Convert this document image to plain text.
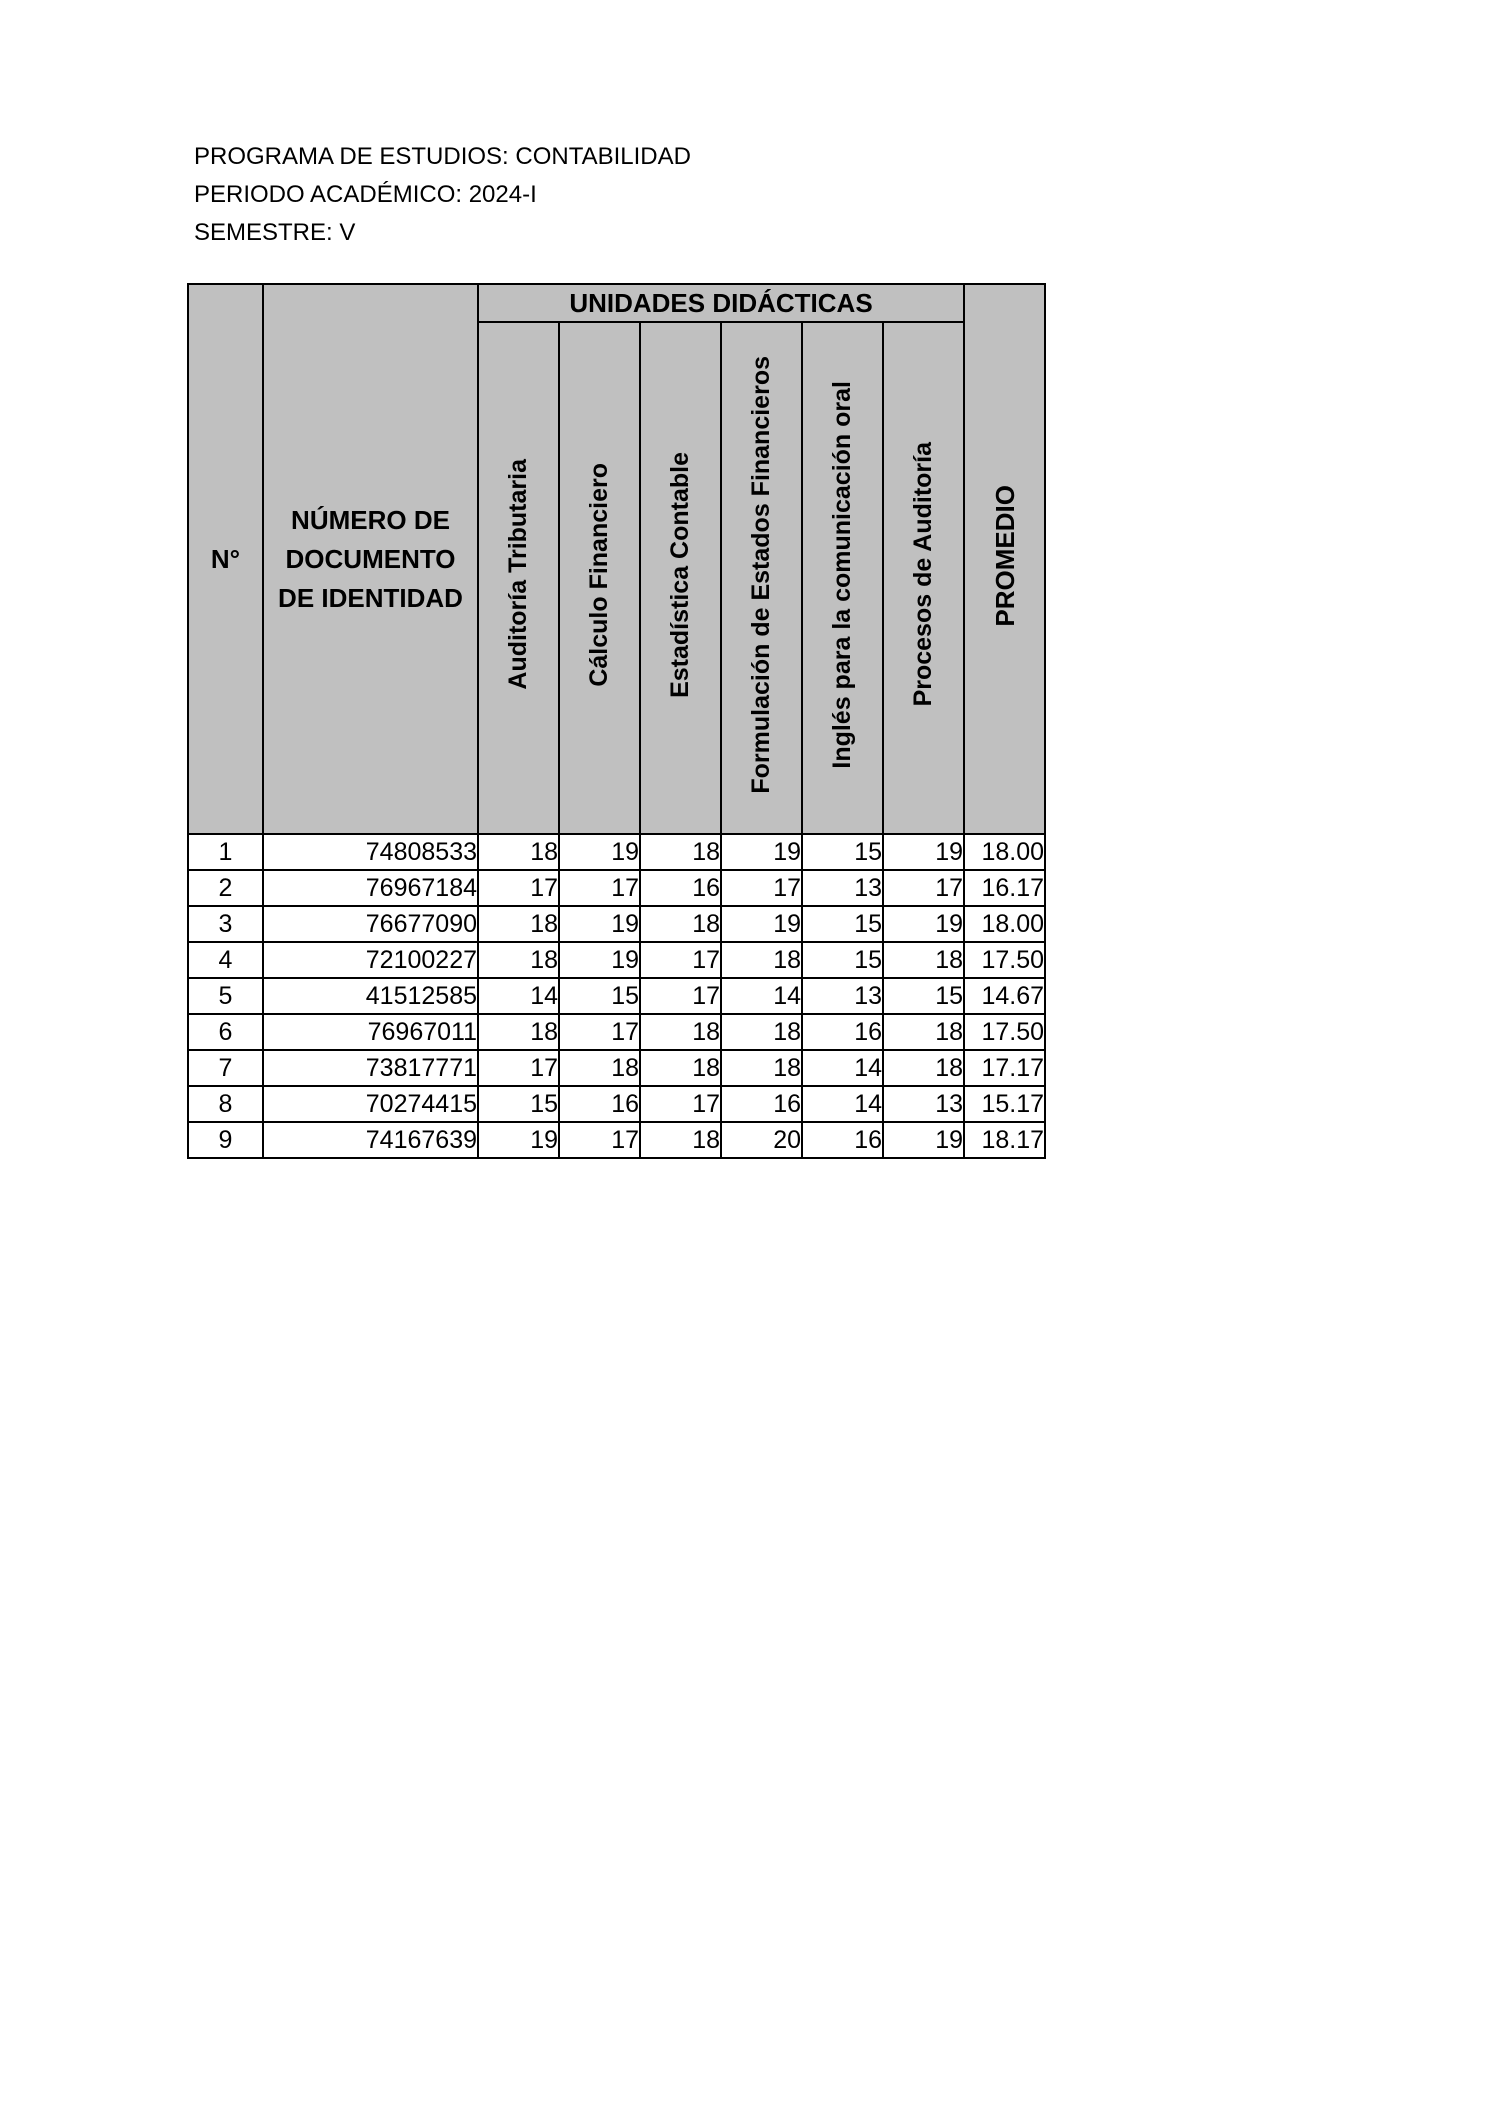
PROGRAMA DE ESTUDIOS: CONTABILIDAD
PERIODO ACADÉMICO: 2024-I
SEMESTRE: V
N°	NÚMERO DE DOCUMENTO DE IDENTIDAD	UNIDADES DIDÁCTICAS						PROMEDIO
		Auditoría Tributaria	Cálculo Financiero	Estadística Contable	Formulación de Estados Financieros	Inglés para la comunicación oral	Procesos de Auditoría	
1	74808533	18	19	18	19	15	19	18.00
2	76967184	17	17	16	17	13	17	16.17
3	76677090	18	19	18	19	15	19	18.00
4	72100227	18	19	17	18	15	18	17.50
5	41512585	14	15	17	14	13	15	14.67
6	76967011	18	17	18	18	16	18	17.50
7	73817771	17	18	18	18	14	18	17.17
8	70274415	15	16	17	16	14	13	15.17
9	74167639	19	17	18	20	16	19	18.17
